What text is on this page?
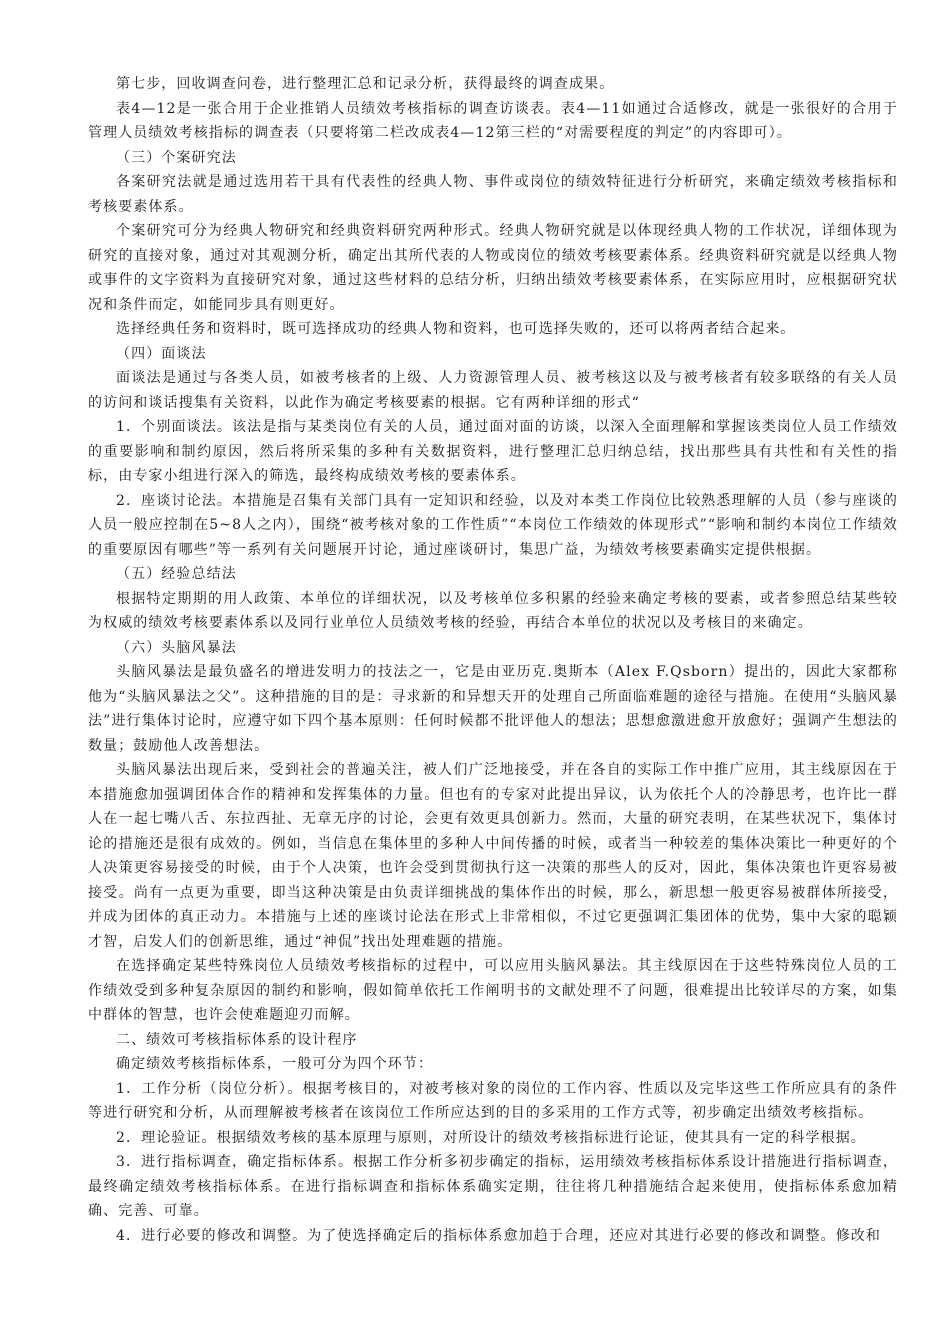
第七步，回收调查问卷，进行整理汇总和记录分析，获得最终的调查成果。

表4—12是一张合用于企业推销人员绩效考核指标的调查访谈表。表4—11如通过合适修改，就是一张很好的合用于管理人员绩效考核指标的调查表（只要将第二栏改成表4—12第三栏的“对需要程度的判定”的内容即可）。

（三）个案研究法

各案研究法就是通过选用若干具有代表性的经典人物、事件或岗位的绩效特征进行分析研究，来确定绩效考核指标和考核要素体系。

个案研究可分为经典人物研究和经典资料研究两种形式。经典人物研究就是以体现经典人物的工作状况，详细体现为研究的直接对象，通过对其观测分析，确定出其所代表的人物或岗位的绩效考核要素体系。经典资料研究就是以经典人物或事件的文字资料为直接研究对象，通过这些材料的总结分析，归纳出绩效考核要素体系，在实际应用时，应根据研究状况和条件而定，如能同步具有则更好。

选择经典任务和资料时，既可选择成功的经典人物和资料，也可选择失败的，还可以将两者结合起来。

（四）面谈法

面谈法是通过与各类人员，如被考核者的上级、人力资源管理人员、被考核这以及与被考核者有较多联络的有关人员的访问和谈话搜集有关资料，以此作为确定考核要素的根据。它有两种详细的形式“

1．个别面谈法。该法是指与某类岗位有关的人员，通过面对面的访谈，以深入全面理解和掌握该类岗位人员工作绩效的重要影响和制约原因，然后将所采集的多种有关数据资料，进行整理汇总归纳总结，找出那些具有共性和有关性的指标，由专家小组进行深入的筛选，最终构成绩效考核的要素体系。

2．座谈讨论法。本措施是召集有关部门具有一定知识和经验，以及对本类工作岗位比较熟悉理解的人员（参与座谈的人员一般应控制在5~8人之内），围绕“被考核对象的工作性质”“本岗位工作绩效的体现形式”“影响和制约本岗位工作绩效的重要原因有哪些”等一系列有关问题展开讨论，通过座谈研讨，集思广益，为绩效考核要素确实定提供根据。

（五）经验总结法

根据特定期期的用人政策、本单位的详细状况，以及考核单位多积累的经验来确定考核的要素，或者参照总结某些较为权威的绩效考核要素体系以及同行业单位人员绩效考核的经验，再结合本单位的状况以及考核目的来确定。

（六）头脑风暴法

头脑风暴法是最负盛名的增进发明力的技法之一，它是由亚历克.奥斯本（Alex F.Qsborn）提出的，因此大家都称他为“头脑风暴法之父”。这种措施的目的是：寻求新的和异想天开的处理自己所面临难题的途径与措施。在使用“头脑风暴法”进行集体讨论时，应遵守如下四个基本原则：任何时候都不批评他人的想法；思想愈激进愈开放愈好；强调产生想法的数量；鼓励他人改善想法。

头脑风暴法出现后来，受到社会的普遍关注，被人们广泛地接受，并在各自的实际工作中推广应用，其主线原因在于本措施愈加强调团体合作的精神和发挥集体的力量。但也有的专家对此提出异议，认为依托个人的冷静思考，也许比一群人在一起七嘴八舌、东拉西扯、无章无序的讨论，会更有效更具创新力。然而，大量的研究表明，在某些状况下，集体讨论的措施还是很有成效的。例如，当信息在集体里的多种人中间传播的时候，或者当一种较差的集体决策比一种更好的个人决策更容易接受的时候，由于个人决策，也许会受到贯彻执行这一决策的那些人的反对，因此，集体决策也许更容易被接受。尚有一点更为重要，即当这种决策是由负责详细挑战的集体作出的时候，那么，新思想一般更容易被群体所接受，并成为团体的真正动力。本措施与上述的座谈讨论法在形式上非常相似，不过它更强调汇集团体的优势，集中大家的聪颖才智，启发人们的创新思维，通过“神侃”找出处理难题的措施。

在选择确定某些特殊岗位人员绩效考核指标的过程中，可以应用头脑风暴法。其主线原因在于这些特殊岗位人员的工作绩效受到多种复杂原因的制约和影响，假如简单依托工作阐明书的文献处理不了问题，很难提出比较详尽的方案，如集中群体的智慧，也许会使难题迎刃而解。

二、绩效可考核指标体系的设计程序

确定绩效考核指标体系，一般可分为四个环节：

1．工作分析（岗位分析）。根据考核目的，对被考核对象的岗位的工作内容、性质以及完毕这些工作所应具有的条件等进行研究和分析，从而理解被考核者在该岗位工作所应达到的目的多采用的工作方式等，初步确定出绩效考核指标。

2．理论验证。根据绩效考核的基本原理与原则，对所设计的绩效考核指标进行论证，使其具有一定的科学根据。

3．进行指标调查，确定指标体系。根据工作分析多初步确定的指标，运用绩效考核指标体系设计措施进行指标调查，最终确定绩效考核指标体系。在进行指标调查和指标体系确实定期，往往将几种措施结合起来使用，使指标体系愈加精确、完善、可靠。

4．进行必要的修改和调整。为了使选择确定后的指标体系愈加趋于合理，还应对其进行必要的修改和调整。修改和
